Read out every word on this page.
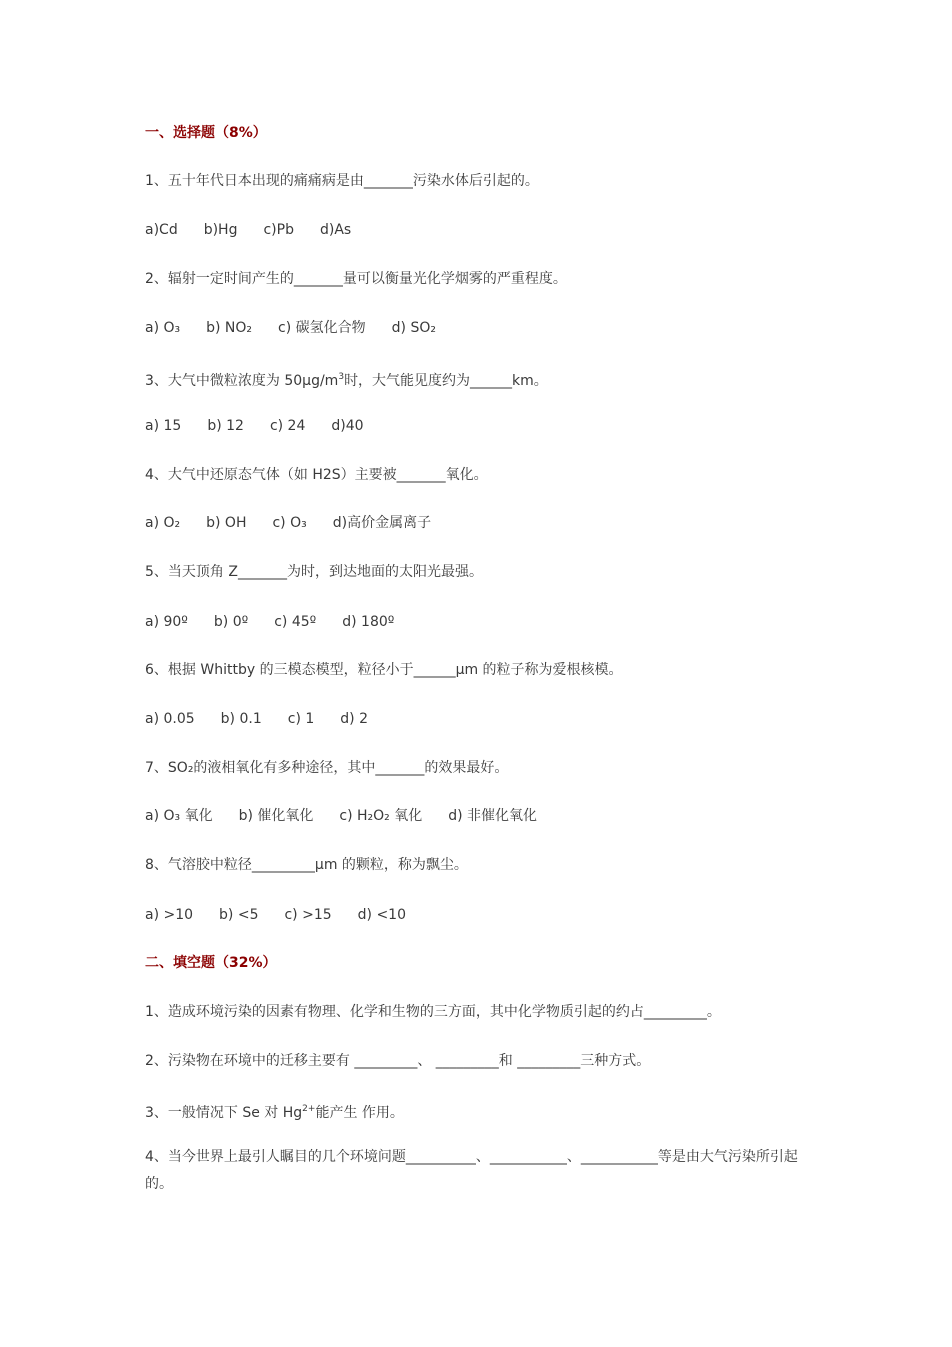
一、选择题（8%）
1、五十年代日本出现的痛痛病是由_______污染水体后引起的。
a)Cd b)Hg c)Pb d)As
2、辐射一定时间产生的_______量可以衡量光化学烟雾的严重程度。
a) O₃ b) NO₂ c) 碳氢化合物 d) SO₂
3、大气中微粒浓度为 $50\mu g/m^3$时，大气能见度约为______km。
a) 15 b) 12 c) 24 d)40
4、大气中还原态气体（如 H2S）主要被_______氧化。
a) O₂ b) OH c) O₃ d)高价金属离子
5、当天顶角 Z_______为时，到达地面的太阳光最强。
a) 90º b) 0º c) 45º d) 180º
6、根据 Whittby 的三模态模型，粒径小于______μm 的粒子称为爱根核模。
a) 0.05 b) 0.1 c) 1 d) 2
7、SO₂的液相氧化有多种途径，其中_______的效果最好。
a) O₃ 氧化 b) 催化氧化 c) H₂O₂ 氧化 d) 非催化氧化
8、气溶胶中粒径_________μm 的颗粒，称为飘尘。
a) >10 b) <5 c) >15 d) <10
二、填空题（32%）
1、造成环境污染的因素有物理、化学和生物的三方面，其中化学物质引起的约占_________。
2、污染物在环境中的迁移主要有 _________、 _________和 _________三种方式。
3、一般情况下 Se 对 $Hg^{2+}$能产生 作用。
4、当今世界上最引人瞩目的几个环境问题__________、___________、___________等是由大气污染所引起的。
